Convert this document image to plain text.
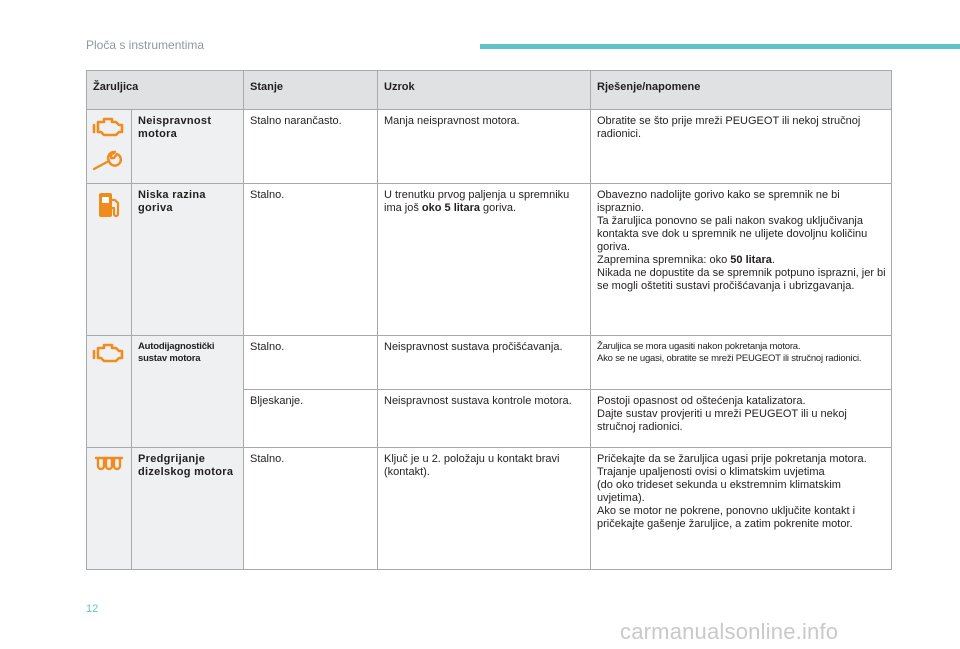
Ploča s instrumentima
Žaruljica		Stanje	Uzrok	Rješenje/napomene

	Neispravnost motora	Stalno narančasto.	Manja neispravnost motora.	Obratite se što prije mreži PEUGEOT ili nekoj stručnoj radionici.

	Niska razina goriva	Stalno.	U trenutku prvog paljenja u spremniku ima još oko 5 litara goriva.	Obavezno nadolijte gorivo kako se spremnik ne bi ispraznio.
Ta žaruljica ponovno se pali nakon svakog uključivanja kontakta sve dok u spremnik ne ulijete dovoljnu količinu goriva.
Zapremina spremnika: oko 50 litara.
Nikada ne dopustite da se spremnik potpuno isprazni, jer bi se mogli oštetiti sustavi pročišćavanja i ubrizgavanja.

	Autodijagnostički sustav motora	Stalno.	Neispravnost sustava pročišćavanja.	Žaruljica se mora ugasiti nakon pokretanja motora.
Ako se ne ugasi, obratite se mreži PEUGEOT ili stručnoj radionici.

		Bljeskanje.	Neispravnost sustava kontrole motora.	Postoji opasnost od oštećenja katalizatora.
Dajte sustav provjeriti u mreži PEUGEOT ili u nekoj stručnoj radionici.

	Predgrijanje dizelskog motora	Stalno.	Ključ je u 2. položaju u kontakt bravi (kontakt).	Pričekajte da se žaruljica ugasi prije pokretanja motora.
Trajanje upaljenosti ovisi o klimatskim uvjetima
(do oko trideset sekunda u ekstremnim klimatskim uvjetima).
Ako se motor ne pokrene, ponovno uključite kontakt i pričekajte gašenje žaruljice, a zatim pokrenite motor.
12
carmanualsonline.info
